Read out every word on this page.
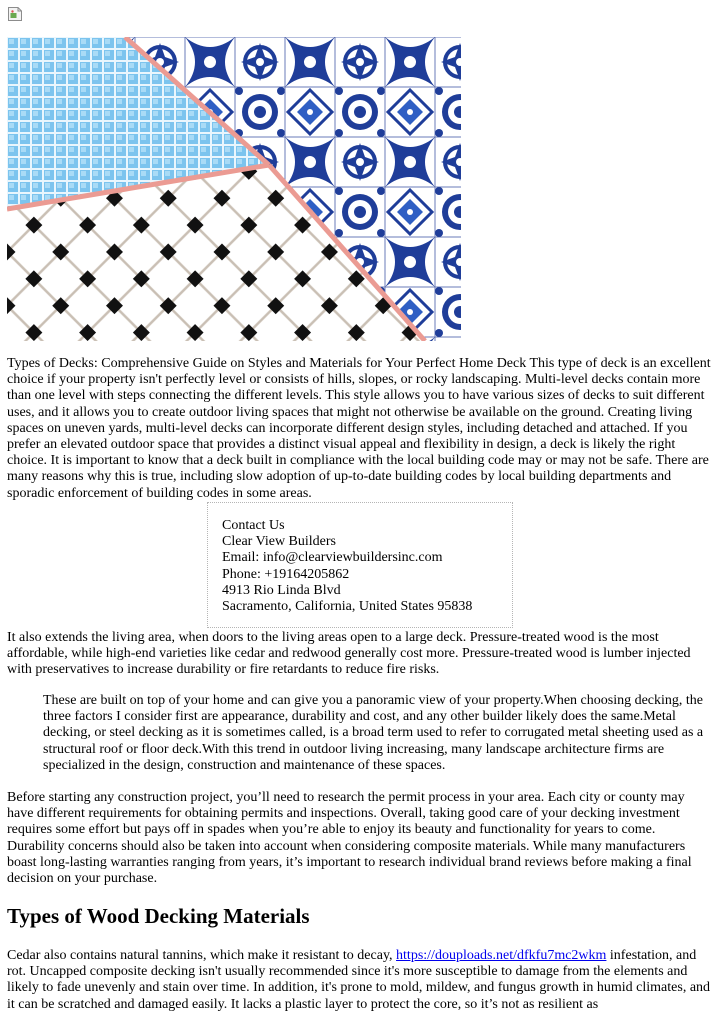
Types of Decks: Comprehensive Guide on Styles and Materials for Your Perfect Home Deck This type of deck is an excellent choice if your property isn't perfectly level or consists of hills, slopes, or rocky landscaping. Multi-level decks contain more than one level with steps connecting the different levels. This style allows you to have various sizes of decks to suit different uses, and it allows you to create outdoor living spaces that might not otherwise be available on the ground. Creating living spaces on uneven yards, multi-level decks can incorporate different design styles, including detached and attached. If you prefer an elevated outdoor space that provides a distinct visual appeal and flexibility in design, a deck is likely the right choice. It is important to know that a deck built in compliance with the local building code may or may not be safe. There are many reasons why this is true, including slow adoption of up-to-date building codes by local building departments and sporadic enforcement of building codes in some areas.

Contact Us
Clear View Builders
Email: info@clearviewbuildersinc.com
Phone: +19164205862
4913 Rio Linda Blvd
Sacramento, California, United States 95838

It also extends the living area, when doors to the living areas open to a large deck. Pressure-treated wood is the most affordable, while high-end varieties like cedar and redwood generally cost more. Pressure-treated wood is lumber injected with preservatives to increase durability or fire retardants to reduce fire risks.

These are built on top of your home and can give you a panoramic view of your property.When choosing decking, the three factors I consider first are appearance, durability and cost, and any other builder likely does the same.Metal decking, or steel decking as it is sometimes called, is a broad term used to refer to corrugated metal sheeting used as a structural roof or floor deck.With this trend in outdoor living increasing, many landscape architecture firms are specialized in the design, construction and maintenance of these spaces.

Before starting any construction project, you’ll need to research the permit process in your area. Each city or county may have different requirements for obtaining permits and inspections. Overall, taking good care of your decking investment requires some effort but pays off in spades when you’re able to enjoy its beauty and functionality for years to come. Durability concerns should also be taken into account when considering composite materials. While many manufacturers boast long-lasting warranties ranging from years, it’s important to research individual brand reviews before making a final decision on your purchase.

Types of Wood Decking Materials

Cedar also contains natural tannins, which make it resistant to decay, https://douploads.net/dfkfu7mc2wkm infestation, and rot. Uncapped composite decking isn't usually recommended since it's more susceptible to damage from the elements and likely to fade unevenly and stain over time. In addition, it's prone to mold, mildew, and fungus growth in humid climates, and it can be scratched and damaged easily. It lacks a plastic layer to protect the core, so it’s not as resilient as
